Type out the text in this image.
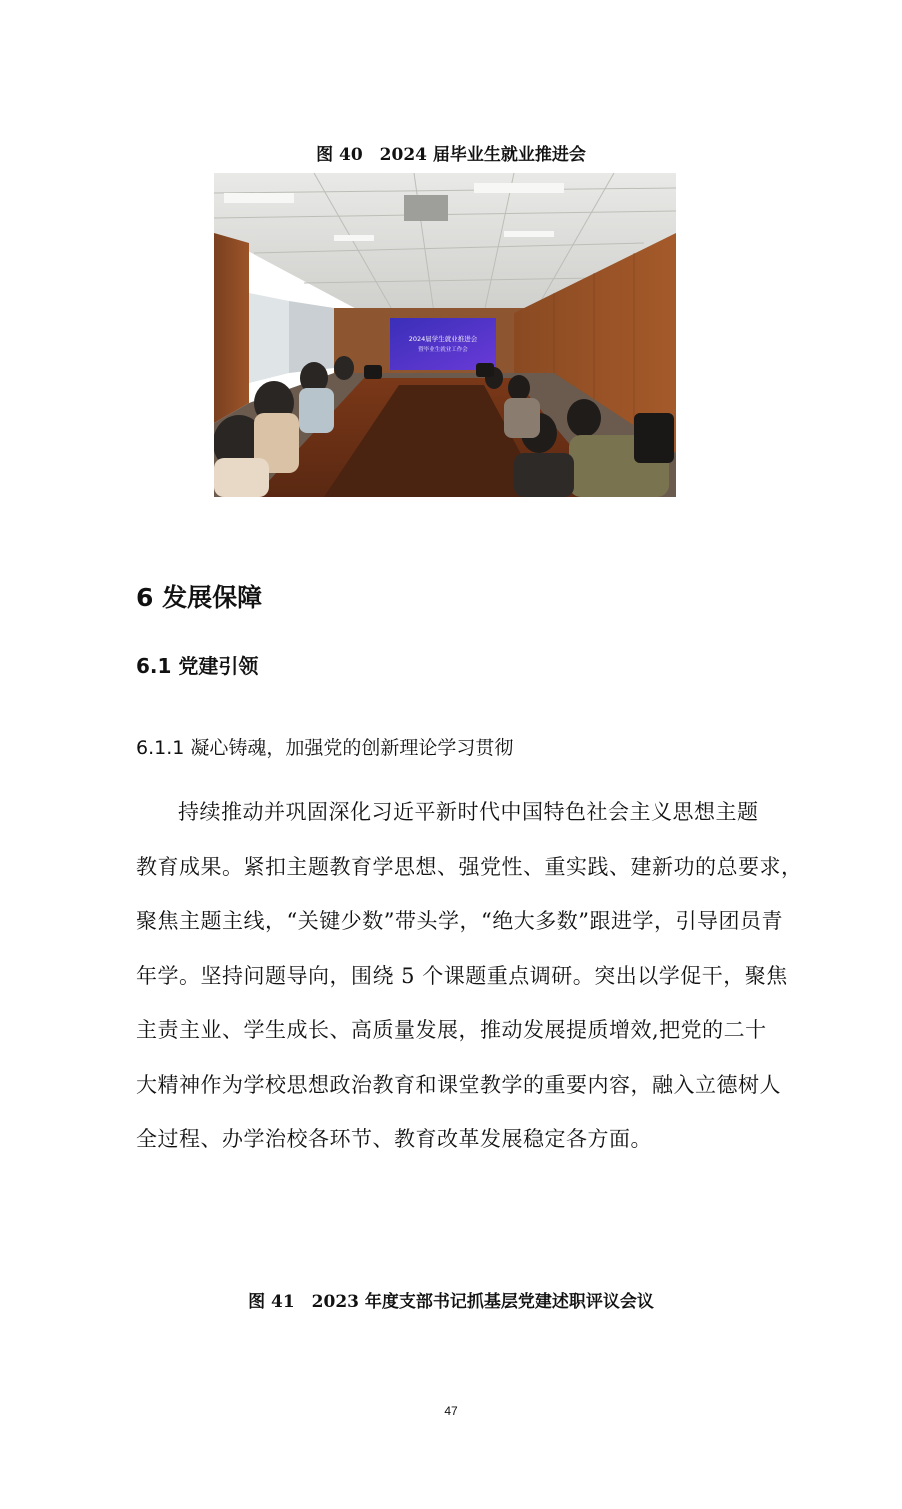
图 40　2024 届毕业生就业推进会
2024届学生就业推进会
暨毕业生就业工作会
6 发展保障
6.1 党建引领
6.1.1 凝心铸魂，加强党的创新理论学习贯彻
持续推动并巩固深化习近平新时代中国特色社会主义思想主题
教育成果。紧扣主题教育学思想、强党性、重实践、建新功的总要求，
聚焦主题主线，“关键少数”带头学，“绝大多数”跟进学，引导团员青
年学。坚持问题导向，围绕 5 个课题重点调研。突出以学促干，聚焦
主责主业、学生成长、高质量发展，推动发展提质增效,把党的二十
大精神作为学校思想政治教育和课堂教学的重要内容，融入立德树人
全过程、办学治校各环节、教育改革发展稳定各方面。
图 41　2023 年度支部书记抓基层党建述职评议会议
47
